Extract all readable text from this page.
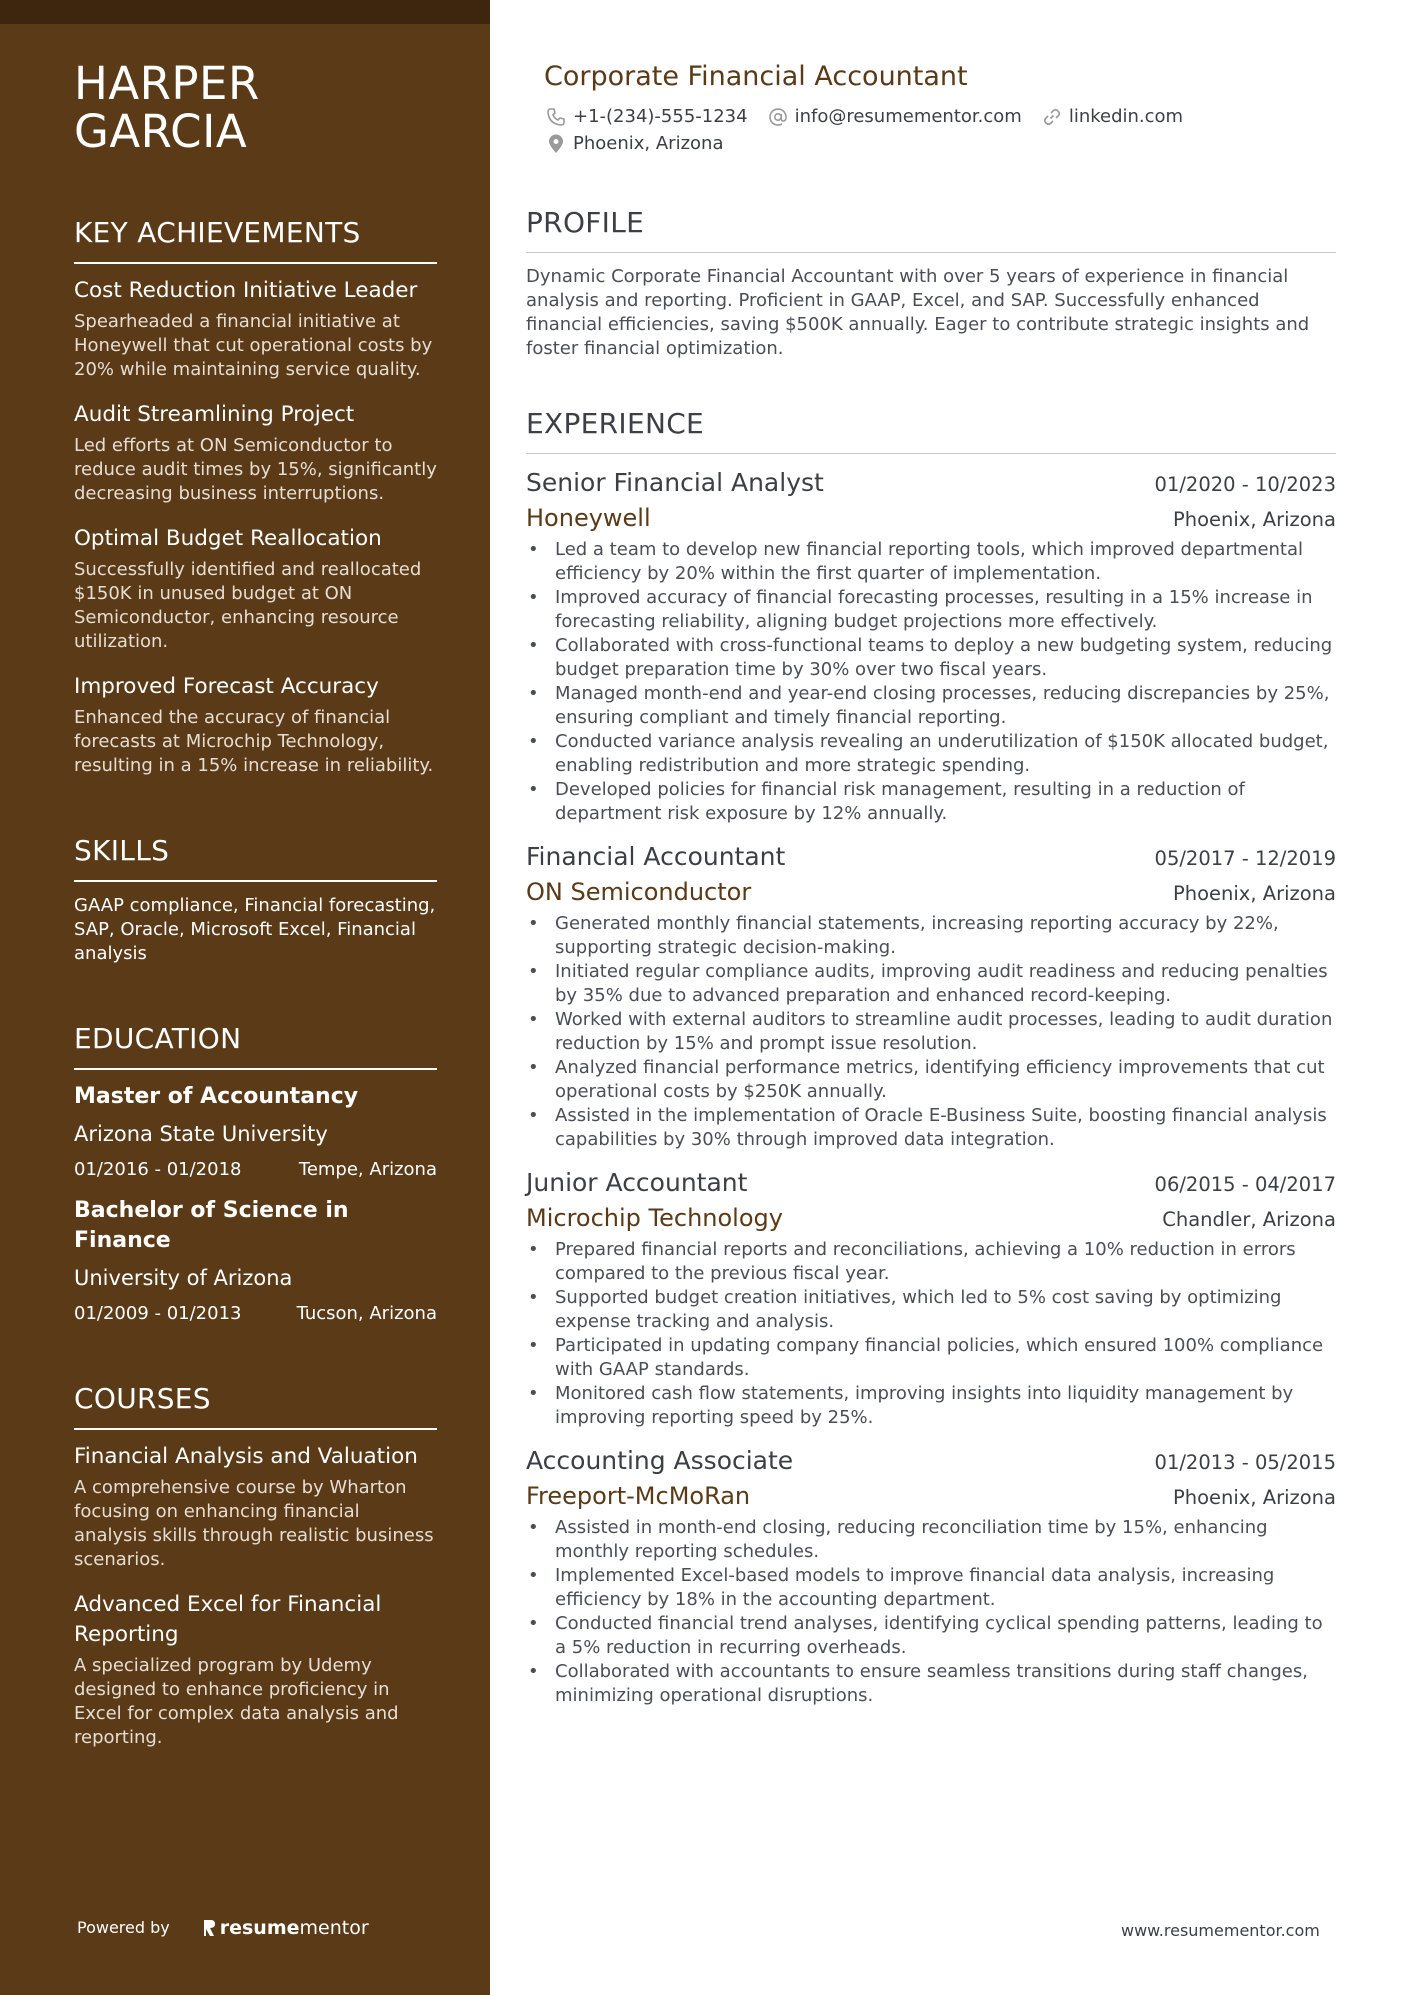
HARPER
GARCIA
KEY ACHIEVEMENTS
Cost Reduction Initiative Leader
Spearheaded a financial initiative at Honeywell that cut operational costs by 20% while maintaining service quality.
Audit Streamlining Project
Led efforts at ON Semiconductor to reduce audit times by 15%, significantly decreasing business interruptions.
Optimal Budget Reallocation
Successfully identified and reallocated $150K in unused budget at ON Semiconductor, enhancing resource utilization.
Improved Forecast Accuracy
Enhanced the accuracy of financial forecasts at Microchip Technology, resulting in a 15% increase in reliability.
SKILLS
GAAP compliance, Financial forecasting, SAP, Oracle, Microsoft Excel, Financial analysis
EDUCATION
Master of Accountancy
Arizona State University
01/2016 - 01/2018	Tempe, Arizona
Bachelor of Science in Finance
University of Arizona
01/2009 - 01/2013	Tucson, Arizona
COURSES
Financial Analysis and Valuation
A comprehensive course by Wharton focusing on enhancing financial analysis skills through realistic business scenarios.
Advanced Excel for Financial Reporting
A specialized program by Udemy designed to enhance proficiency in Excel for complex data analysis and reporting.
Powered by	resume mentor
Corporate Financial Accountant
+1-(234)-555-1234	info@resumementor.com	linkedin.com
Phoenix, Arizona
PROFILE
Dynamic Corporate Financial Accountant with over 5 years of experience in financial analysis and reporting. Proficient in GAAP, Excel, and SAP. Successfully enhanced financial efficiencies, saving $500K annually. Eager to contribute strategic insights and foster financial optimization.
EXPERIENCE
Senior Financial Analyst	01/2020 - 10/2023
Honeywell	Phoenix, Arizona
• Led a team to develop new financial reporting tools, which improved departmental efficiency by 20% within the first quarter of implementation.
• Improved accuracy of financial forecasting processes, resulting in a 15% increase in forecasting reliability, aligning budget projections more effectively.
• Collaborated with cross-functional teams to deploy a new budgeting system, reducing budget preparation time by 30% over two fiscal years.
• Managed month-end and year-end closing processes, reducing discrepancies by 25%, ensuring compliant and timely financial reporting.
• Conducted variance analysis revealing an underutilization of $150K allocated budget, enabling redistribution and more strategic spending.
• Developed policies for financial risk management, resulting in a reduction of department risk exposure by 12% annually.
Financial Accountant	05/2017 - 12/2019
ON Semiconductor	Phoenix, Arizona
• Generated monthly financial statements, increasing reporting accuracy by 22%, supporting strategic decision-making.
• Initiated regular compliance audits, improving audit readiness and reducing penalties by 35% due to advanced preparation and enhanced record-keeping.
• Worked with external auditors to streamline audit processes, leading to audit duration reduction by 15% and prompt issue resolution.
• Analyzed financial performance metrics, identifying efficiency improvements that cut operational costs by $250K annually.
• Assisted in the implementation of Oracle E-Business Suite, boosting financial analysis capabilities by 30% through improved data integration.
Junior Accountant	06/2015 - 04/2017
Microchip Technology	Chandler, Arizona
• Prepared financial reports and reconciliations, achieving a 10% reduction in errors compared to the previous fiscal year.
• Supported budget creation initiatives, which led to 5% cost saving by optimizing expense tracking and analysis.
• Participated in updating company financial policies, which ensured 100% compliance with GAAP standards.
• Monitored cash flow statements, improving insights into liquidity management by improving reporting speed by 25%.
Accounting Associate	01/2013 - 05/2015
Freeport-McMoRan	Phoenix, Arizona
• Assisted in month-end closing, reducing reconciliation time by 15%, enhancing monthly reporting schedules.
• Implemented Excel-based models to improve financial data analysis, increasing efficiency by 18% in the accounting department.
• Conducted financial trend analyses, identifying cyclical spending patterns, leading to a 5% reduction in recurring overheads.
• Collaborated with accountants to ensure seamless transitions during staff changes, minimizing operational disruptions.
www.resumementor.com
